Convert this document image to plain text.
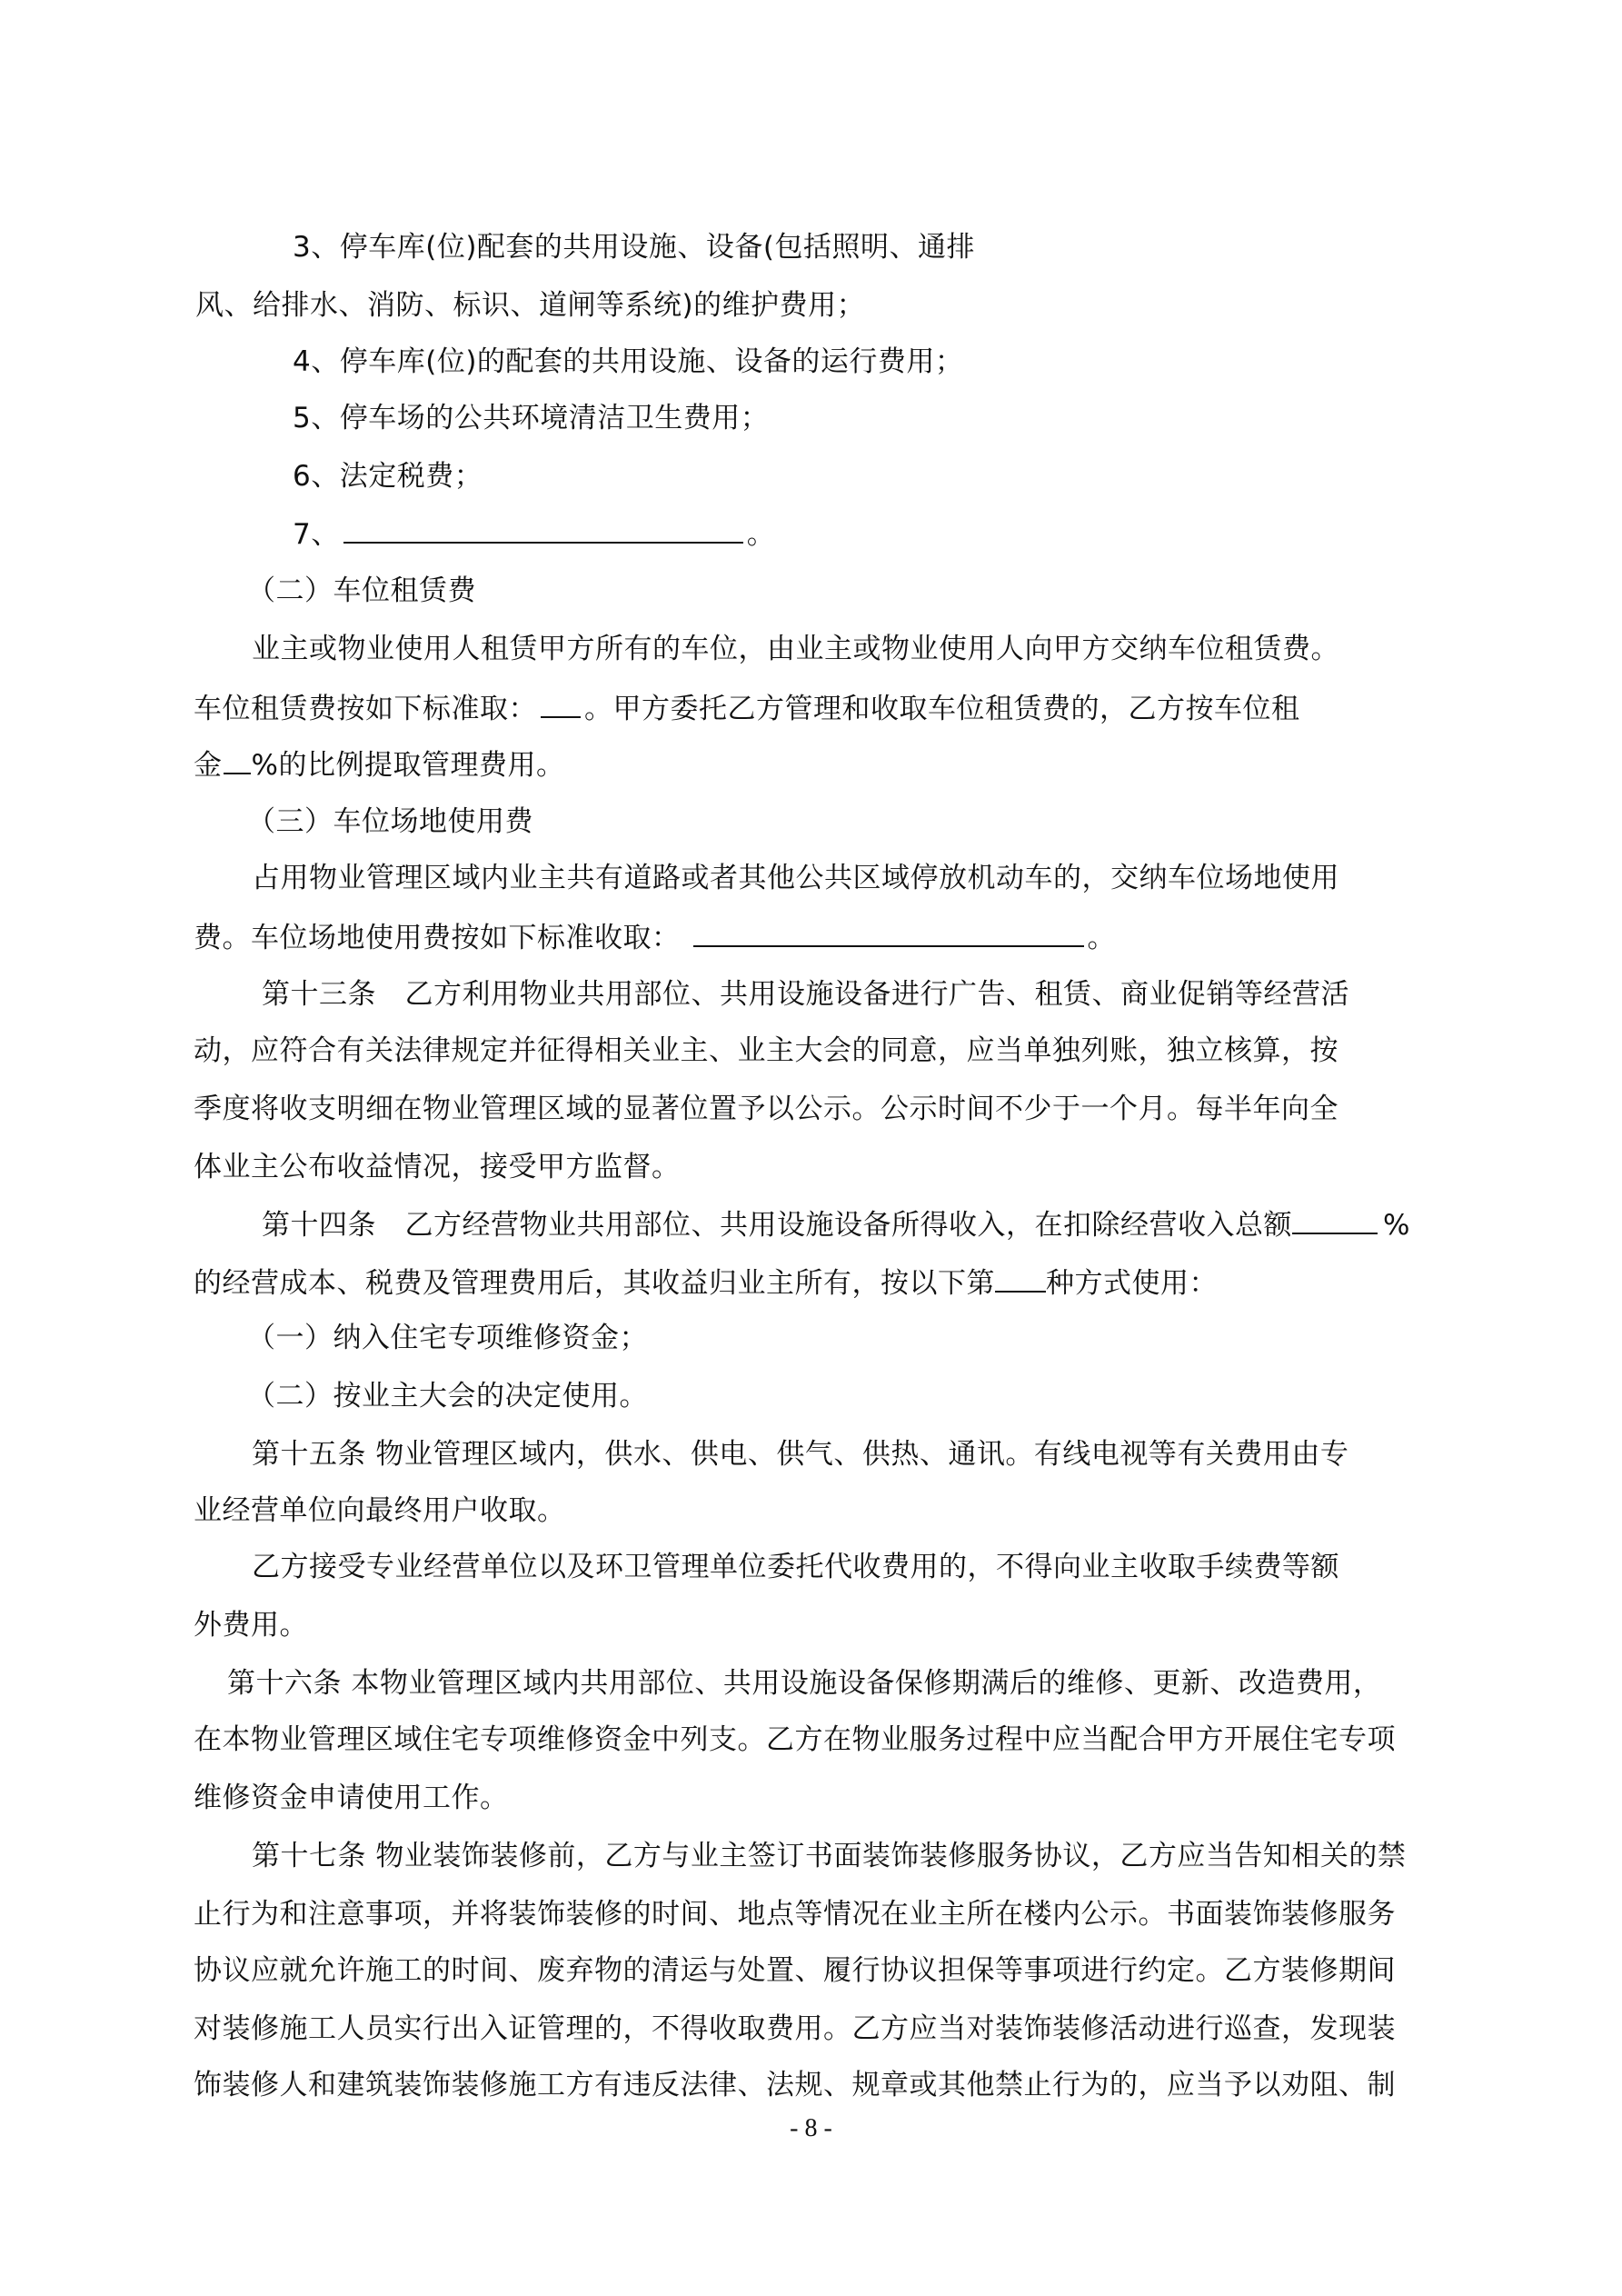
3、停车库(位)配套的共用设施、设备(包括照明、通排
风、给排水、消防、标识、道闸等系统)的维护费用；
4、停车库(位)的配套的共用设施、设备的运行费用；
5、停车场的公共环境清洁卫生费用；
6、法定税费；
7、	。
（二）车位租赁费
业主或物业使用人租赁甲方所有的车位，由业主或物业使用人向甲方交纳车位租赁费。
车位租赁费按如下标准取： 。甲方委托乙方管理和收取车位租赁费的，乙方按车位租
金 %的比例提取管理费用。
（三）车位场地使用费
占用物业管理区域内业主共有道路或者其他公共区域停放机动车的，交纳车位场地使用
费。车位场地使用费按如下标准收取：	。
第十三条　乙方利用物业共用部位、共用设施设备进行广告、租赁、商业促销等经营活
动，应符合有关法律规定并征得相关业主、业主大会的同意，应当单独列账，独立核算，按
季度将收支明细在物业管理区域的显著位置予以公示。公示时间不少于一个月。每半年向全
体业主公布收益情况，接受甲方监督。
第十四条　乙方经营物业共用部位、共用设施设备所得收入，在扣除经营收入总额	%
的经营成本、税费及管理费用后，其收益归业主所有，按以下第 种方式使用：
（一）纳入住宅专项维修资金；
（二）按业主大会的决定使用。
第十五条 物业管理区域内，供水、供电、供气、供热、通讯。有线电视等有关费用由专
业经营单位向最终用户收取。
乙方接受专业经营单位以及环卫管理单位委托代收费用的，不得向业主收取手续费等额
外费用。
第十六条 本物业管理区域内共用部位、共用设施设备保修期满后的维修、更新、改造费用，
在本物业管理区域住宅专项维修资金中列支。乙方在物业服务过程中应当配合甲方开展住宅专项
维修资金申请使用工作。
第十七条 物业装饰装修前，乙方与业主签订书面装饰装修服务协议，乙方应当告知相关的禁
止行为和注意事项，并将装饰装修的时间、地点等情况在业主所在楼内公示。书面装饰装修服务
协议应就允许施工的时间、废弃物的清运与处置、履行协议担保等事项进行约定。乙方装修期间
对装修施工人员实行出入证管理的，不得收取费用。乙方应当对装饰装修活动进行巡查，发现装
饰装修人和建筑装饰装修施工方有违反法律、法规、规章或其他禁止行为的，应当予以劝阻、制
- 8 -
